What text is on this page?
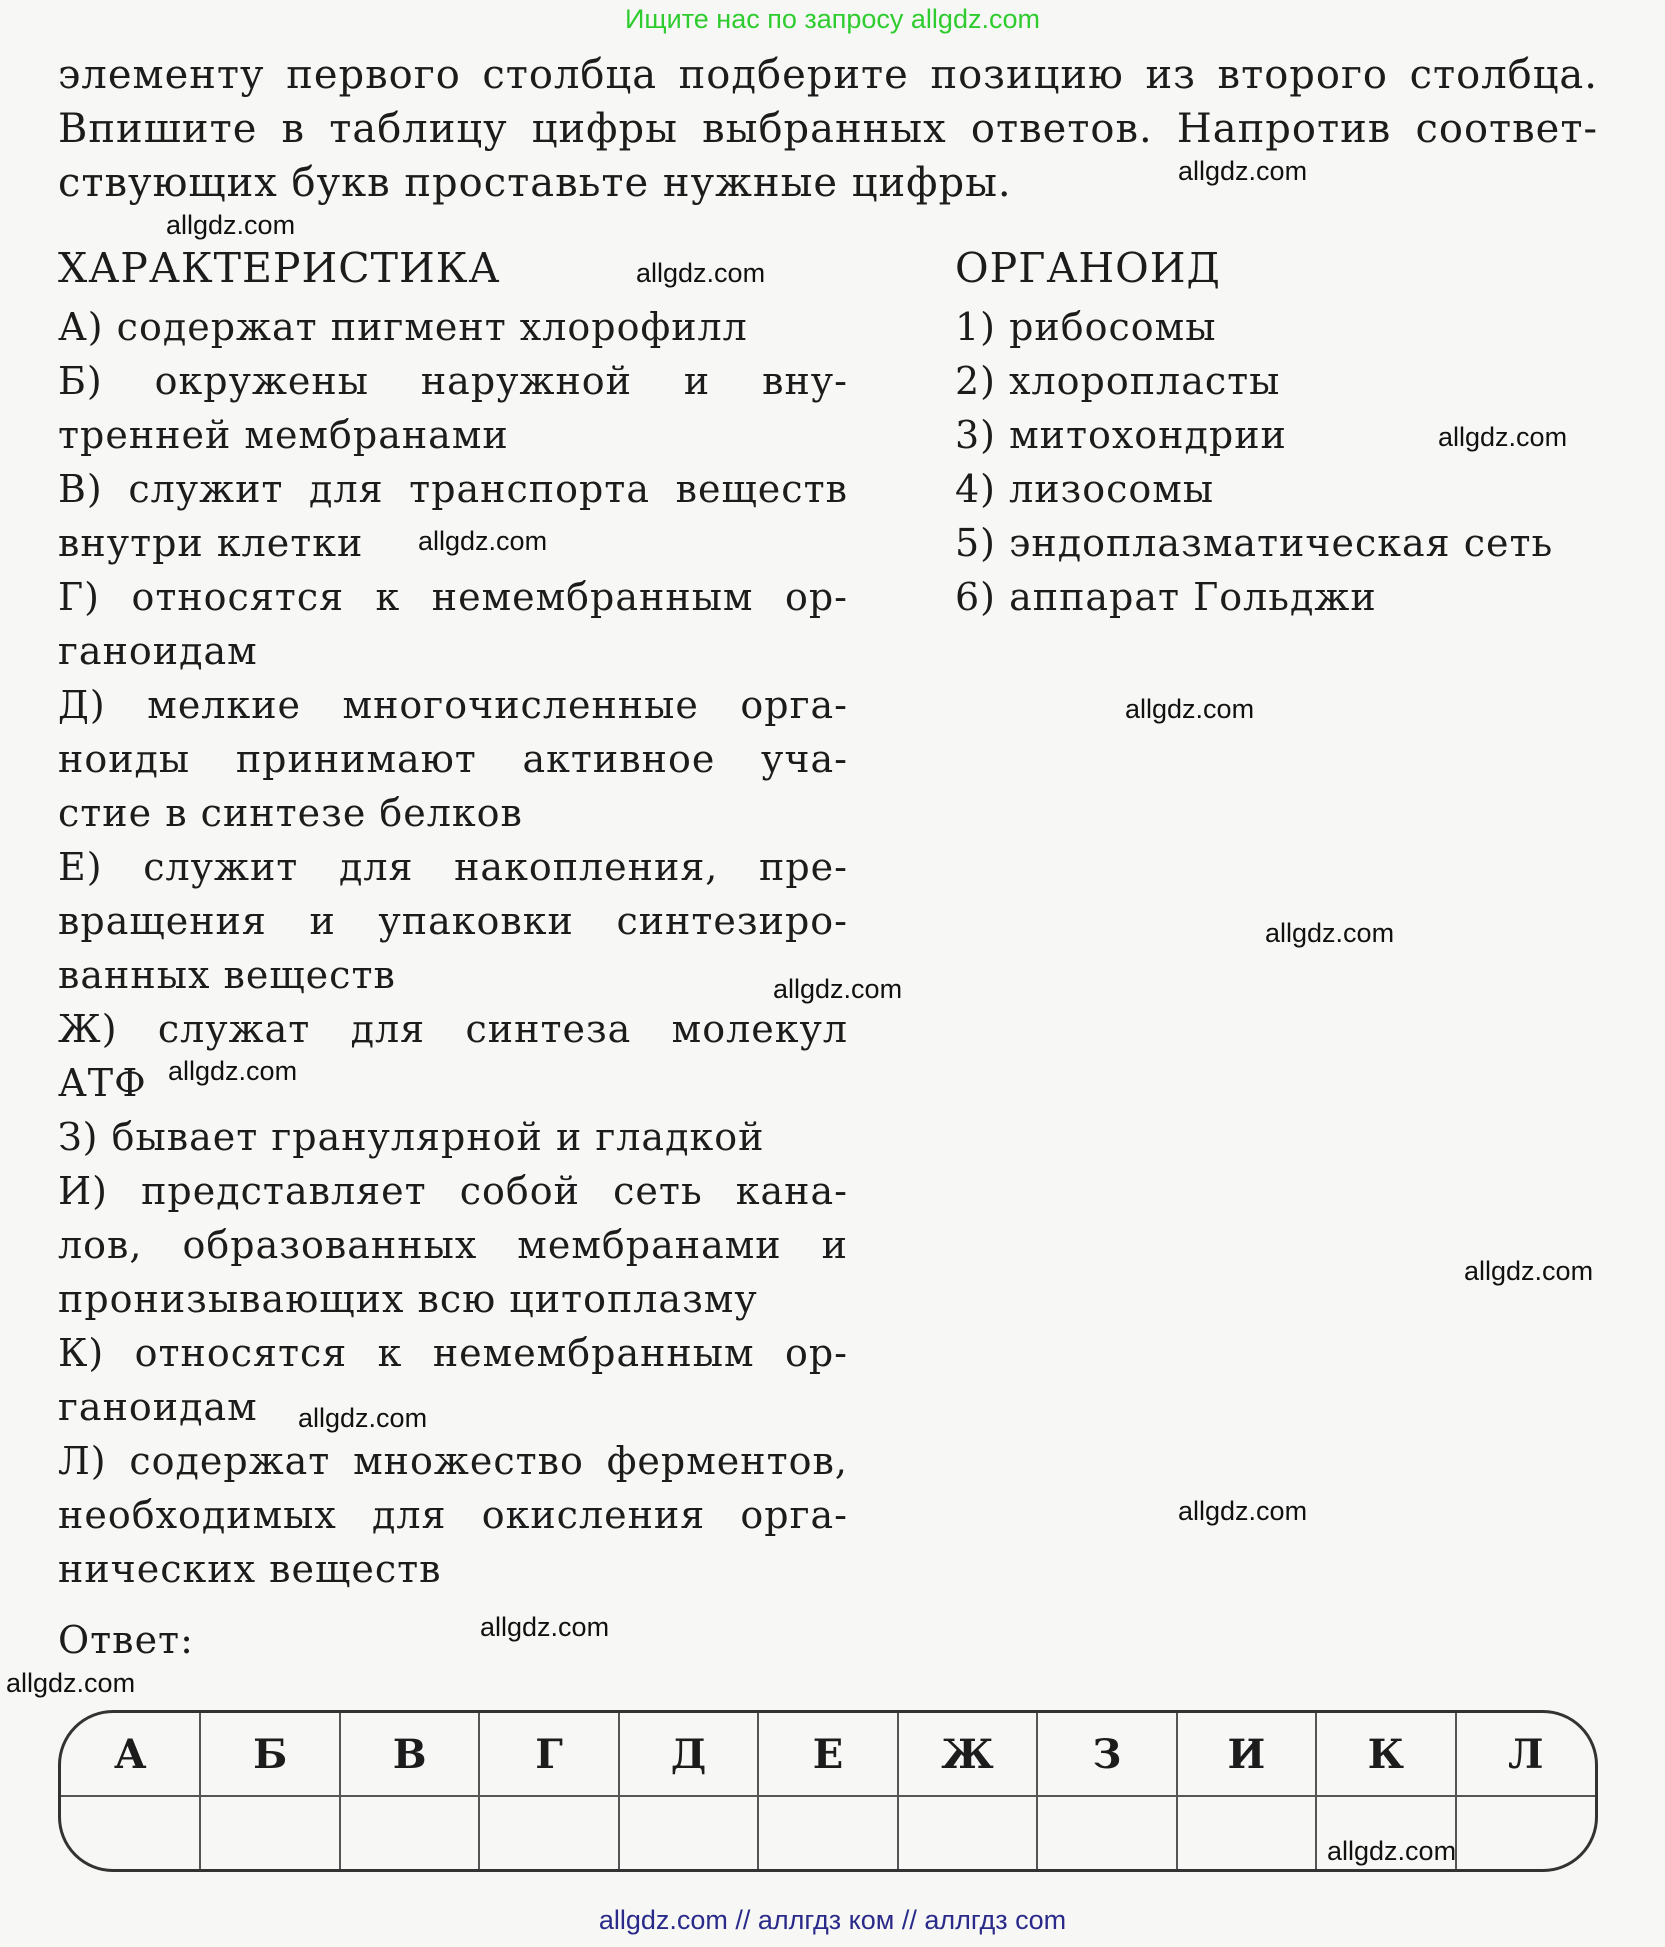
Ищите нас по запросу allgdz.com
элементу первого столбца подберите позицию из второго столбца.
Впишите в таблицу цифры выбранных ответов. Напротив соответ-
ствующих букв проставьте нужные цифры.
ХАРАКТЕРИСТИКА	ОРГАНОИД
А) содержат пигмент хлорофилл
Б) окружены наружной и вну-
тренней мембранами
В) служит для транспорта веществ
внутри клетки
Г) относятся к немембранным ор-
ганоидам
Д) мелкие многочисленные орга-
ноиды принимают активное уча-
стие в синтезе белков
Е) служит для накопления, пре-
вращения и упаковки синтезиро-
ванных веществ
Ж) служат для синтеза молекул
АТФ
З) бывает гранулярной и гладкой
И) представляет собой сеть кана-
лов, образованных мембранами и
пронизывающих всю цитоплазму
К) относятся к немембранным ор-
ганоидам
Л) содержат множество ферментов,
необходимых для окисления орга-
нических веществ
1) рибосомы
2) хлоропласты
3) митохондрии
4) лизосомы
5) эндоплазматическая сеть
6) аппарат Гольджи
Ответ:
А	Б	В	Г	Д	Е	Ж	З	И	К	Л

allgdz.com
allgdz.com
allgdz.com
allgdz.com
allgdz.com
allgdz.com
allgdz.com
allgdz.com
allgdz.com
allgdz.com
allgdz.com
allgdz.com
allgdz.com
allgdz.com
allgdz.com
allgdz.com // аллгдз ком // аллгдз com
